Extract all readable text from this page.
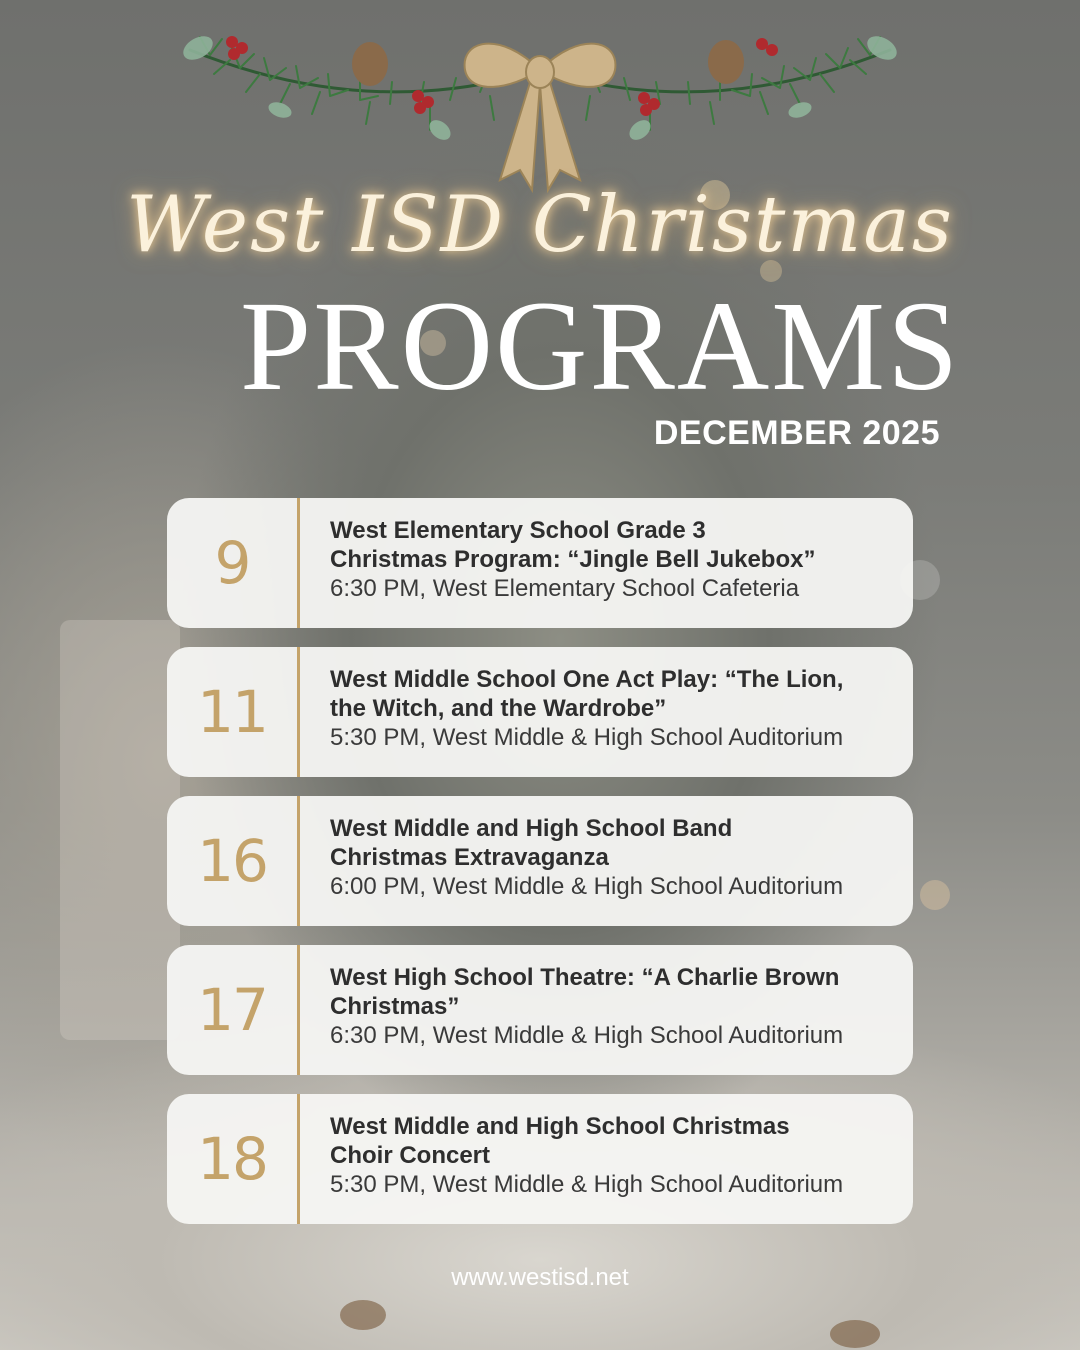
West ISD Christmas
PROGRAMS
DECEMBER 2025
9	West Elementary School Grade 3
Christmas Program: “Jingle Bell Jukebox”
6:30 PM, West Elementary School Cafeteria
11	West Middle School One Act Play: “The Lion,
the Witch, and the Wardrobe”
5:30 PM, West Middle & High School Auditorium
16	West Middle and High School Band
Christmas Extravaganza
6:00 PM, West Middle & High School Auditorium
17	West High School Theatre: “A Charlie Brown
Christmas”
6:30 PM, West Middle & High School Auditorium
18	West Middle and High School Christmas
Choir Concert
5:30 PM, West Middle & High School Auditorium
www.westisd.net
